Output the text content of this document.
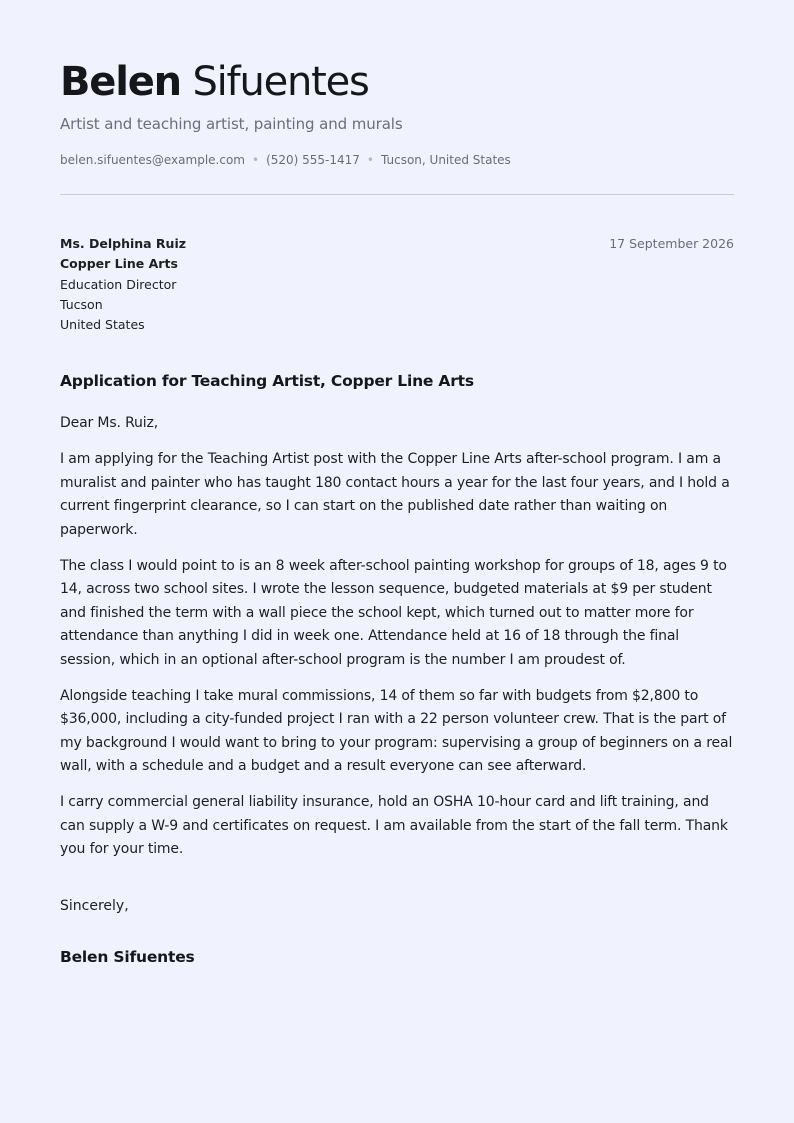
Belen Sifuentes
Artist and teaching artist, painting and murals
belen.sifuentes@example.com • (520) 555-1417 • Tucson, United States
Ms. Delphina Ruiz
Copper Line Arts
Education Director
Tucson
United States
17 September 2026
Application for Teaching Artist, Copper Line Arts

Dear Ms. Ruiz,

I am applying for the Teaching Artist post with the Copper Line Arts after-school program. I am a muralist and painter who has taught 180 contact hours a year for the last four years, and I hold a current fingerprint clearance, so I can start on the published date rather than waiting on paperwork.

The class I would point to is an 8 week after-school painting workshop for groups of 18, ages 9 to 14, across two school sites. I wrote the lesson sequence, budgeted materials at $9 per student and finished the term with a wall piece the school kept, which turned out to matter more for attendance than anything I did in week one. Attendance held at 16 of 18 through the final session, which in an optional after-school program is the number I am proudest of.

Alongside teaching I take mural commissions, 14 of them so far with budgets from $2,800 to $36,000, including a city-funded project I ran with a 22 person volunteer crew. That is the part of my background I would want to bring to your program: supervising a group of beginners on a real wall, with a schedule and a budget and a result everyone can see afterward.

I carry commercial general liability insurance, hold an OSHA 10-hour card and lift training, and can supply a W-9 and certificates on request. I am available from the start of the fall term. Thank you for your time.

Sincerely,
Belen Sifuentes
